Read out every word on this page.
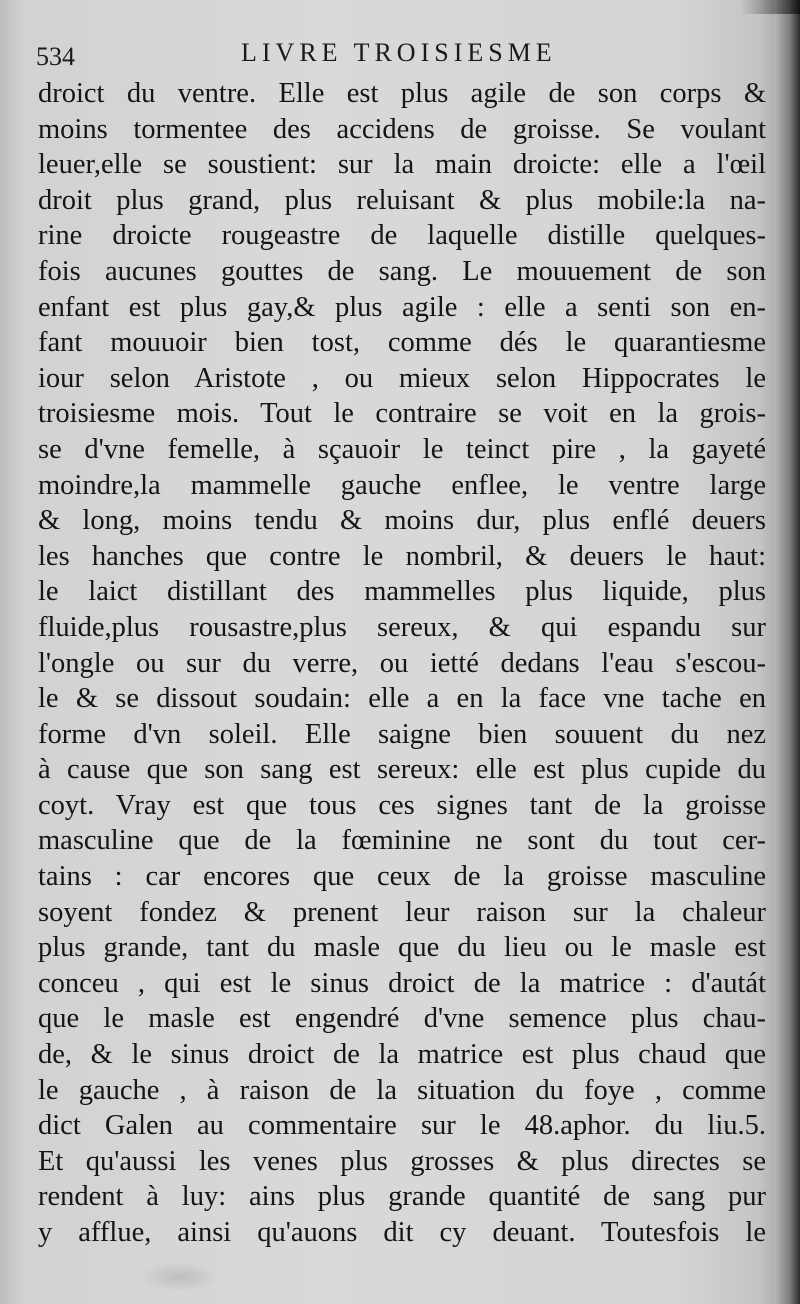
534	LIVRE TROISIESME
droict du ventre. Elle est plus agile de son corps &
moins tormentee des accidens de groisse. Se voulant
leuer,elle se soustient: sur la main droicte: elle a l'œil
droit plus grand, plus reluisant & plus mobile:la na-
rine droicte rougeastre de laquelle distille quelques-
fois aucunes gouttes de sang. Le mouuement de son
enfant est plus gay,& plus agile : elle a senti son en-
fant mouuoir bien tost, comme dés le quarantiesme
iour selon Aristote , ou mieux selon Hippocrates le
troisiesme mois. Tout le contraire se voit en la grois-
se d'vne femelle, à sçauoir le teinct pire , la gayeté
moindre,la mammelle gauche enflee, le ventre large
& long, moins tendu & moins dur, plus enflé deuers
les hanches que contre le nombril, & deuers le haut:
le laict distillant des mammelles plus liquide, plus
fluide,plus rousastre,plus sereux, & qui espandu sur
l'ongle ou sur du verre, ou ietté dedans l'eau s'escou-
le & se dissout soudain: elle a en la face vne tache en
forme d'vn soleil. Elle saigne bien souuent du nez
à cause que son sang est sereux: elle est plus cupide du
coyt. Vray est que tous ces signes tant de la groisse
masculine que de la fœminine ne sont du tout cer-
tains : car encores que ceux de la groisse masculine
soyent fondez & prenent leur raison sur la chaleur
plus grande, tant du masle que du lieu ou le masle est
conceu , qui est le sinus droict de la matrice : d'autát
que le masle est engendré d'vne semence plus chau-
de, & le sinus droict de la matrice est plus chaud que
le gauche , à raison de la situation du foye , comme
dict Galen au commentaire sur le 48.aphor. du liu.5.
Et qu'aussi les venes plus grosses & plus directes se
rendent à luy: ains plus grande quantité de sang pur
y afflue, ainsi qu'auons dit cy deuant. Toutesfois le
